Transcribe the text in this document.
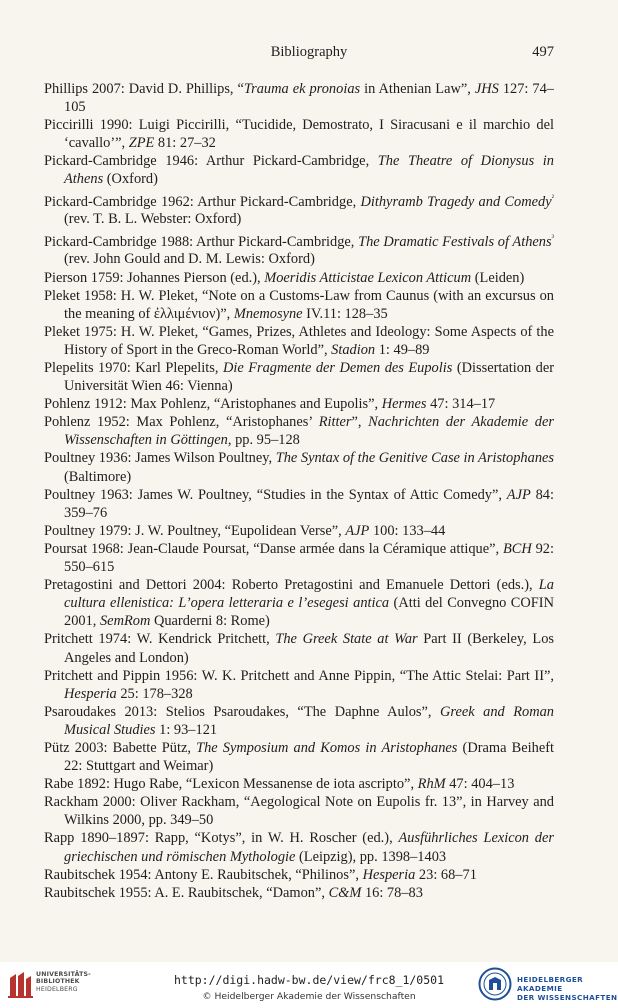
Bibliography	497

Phillips 2007: David D. Phillips, “Trauma ek pronoias in Athenian Law”, JHS 127: 74–105

Piccirilli 1990: Luigi Piccirilli, “Tucidide, Demostrato, I Siracusani e il marchio del ‘cavallo’”, ZPE 81: 27–32

Pickard-Cambridge 1946: Arthur Pickard-Cambridge, The Theatre of Dionysus in Athens (Oxford)

Pickard-Cambridge 1962: Arthur Pickard-Cambridge, Dithyramb Tragedy and Comedy$^{^2}$ (rev. T. B. L. Webster: Oxford)

Pickard-Cambridge 1988: Arthur Pickard-Cambridge, The Dramatic Festivals of Athens$^{^3}$ (rev. John Gould and D. M. Lewis: Oxford)

Pierson 1759: Johannes Pierson (ed.), Moeridis Atticistae Lexicon Atticum (Leiden)

Pleket 1958: H. W. Pleket, “Note on a Customs-Law from Caunus (with an excursus on the meaning of ἐλλιμένιον)”, Mnemosyne IV.11: 128–35

Pleket 1975: H. W. Pleket, “Games, Prizes, Athletes and Ideology: Some Aspects of the History of Sport in the Greco-Roman World”, Stadion 1: 49–89

Plepelits 1970: Karl Plepelits, Die Fragmente der Demen des Eupolis (Dissertation der Universität Wien 46: Vienna)

Pohlenz 1912: Max Pohlenz, “Aristophanes and Eupolis”, Hermes 47: 314–17

Pohlenz 1952: Max Pohlenz, “Aristophanes’ Ritter”, Nachrichten der Akademie der Wissenschaften in Göttingen, pp. 95–128

Poultney 1936: James Wilson Poultney, The Syntax of the Genitive Case in Aristophanes (Baltimore)

Poultney 1963: James W. Poultney, “Studies in the Syntax of Attic Comedy”, AJP 84: 359–76

Poultney 1979: J. W. Poultney, “Eupolidean Verse”, AJP 100: 133–44

Poursat 1968: Jean-Claude Poursat, “Danse armée dans la Céramique attique”, BCH 92: 550–615

Pretagostini and Dettori 2004: Roberto Pretagostini and Emanuele Dettori (eds.), La cultura ellenistica: L’opera letteraria e l’esegesi antica (Atti del Convegno COFIN 2001, SemRom Quarderni 8: Rome)

Pritchett 1974: W. Kendrick Pritchett, The Greek State at War Part II (Berkeley, Los Angeles and London)

Pritchett and Pippin 1956: W. K. Pritchett and Anne Pippin, “The Attic Stelai: Part II”, Hesperia 25: 178–328

Psaroudakes 2013: Stelios Psaroudakes, “The Daphne Aulos”, Greek and Roman Musical Studies 1: 93–121

Pütz 2003: Babette Pütz, The Symposium and Komos in Aristophanes (Drama Beiheft 22: Stuttgart and Weimar)

Rabe 1892: Hugo Rabe, “Lexicon Messanense de iota ascripto”, RhM 47: 404–13

Rackham 2000: Oliver Rackham, “Aegological Note on Eupolis fr. 13”, in Harvey and Wilkins 2000, pp. 349–50

Rapp 1890–1897: Rapp, “Kotys”, in W. H. Roscher (ed.), Ausführliches Lexicon der griechischen und römischen Mythologie (Leipzig), pp. 1398–1403

Raubitschek 1954: Antony E. Raubitschek, “Philinos”, Hesperia 23: 68–71

Raubitschek 1955: A. E. Raubitschek, “Damon”, C&M 16: 78–83

UNIVERSITÄTS-
BIBLIOTHEK
HEIDELBERG
http://digi.hadw-bw.de/view/frc8_1/0501
© Heidelberger Akademie der Wissenschaften
HEIDELBERGER AKADEMIE
DER WISSENSCHAFTEN
